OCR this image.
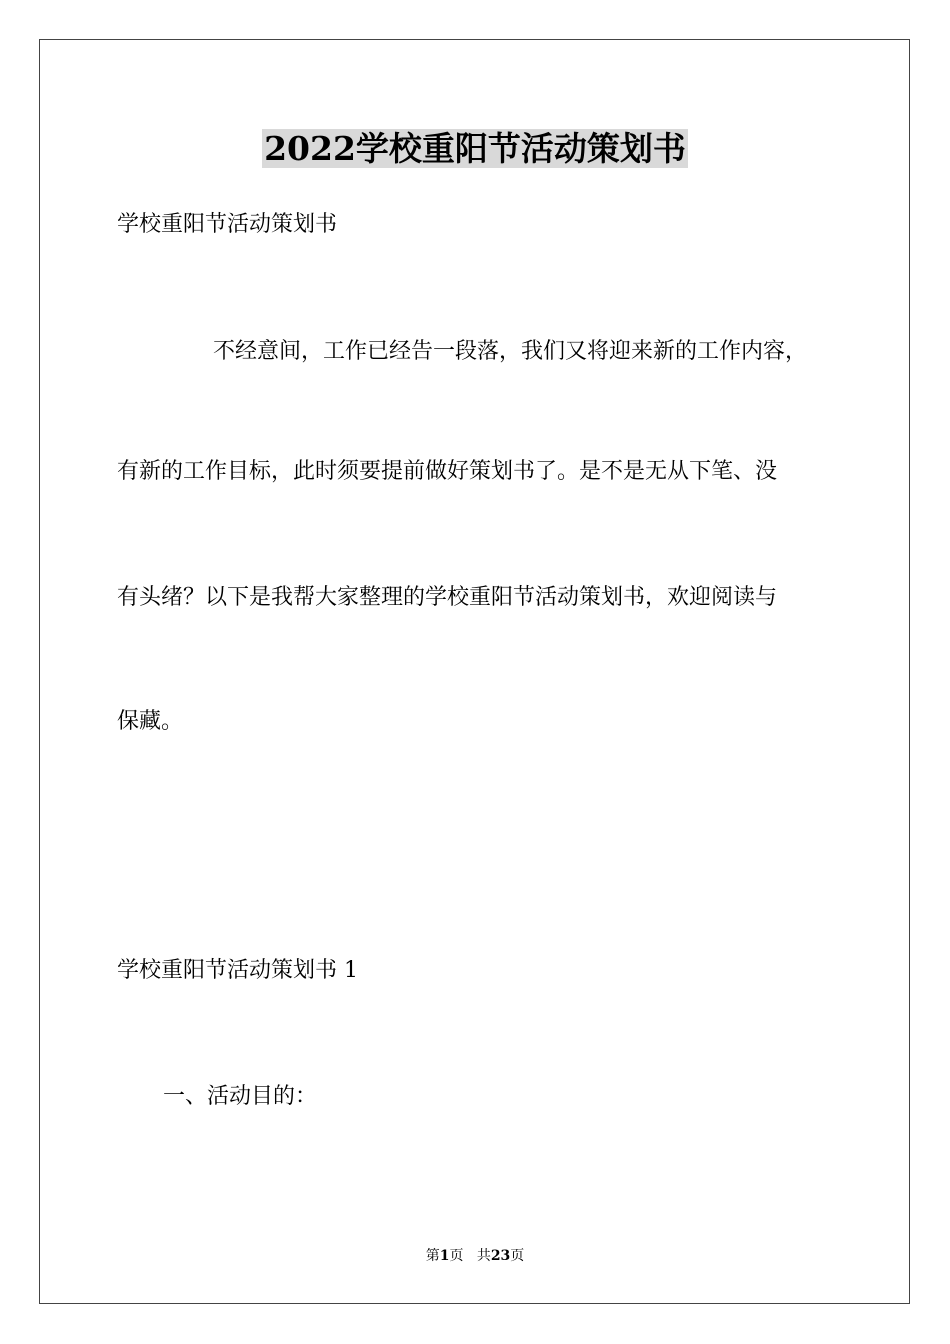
2022学校重阳节活动策划书
学校重阳节活动策划书
不经意间，工作已经告一段落，我们又将迎来新的工作内容，
有新的工作目标，此时须要提前做好策划书了。是不是无从下笔、没
有头绪？以下是我帮大家整理的学校重阳节活动策划书，欢迎阅读与
保藏。
学校重阳节活动策划书 1
一、活动目的：
第1页 共23页
